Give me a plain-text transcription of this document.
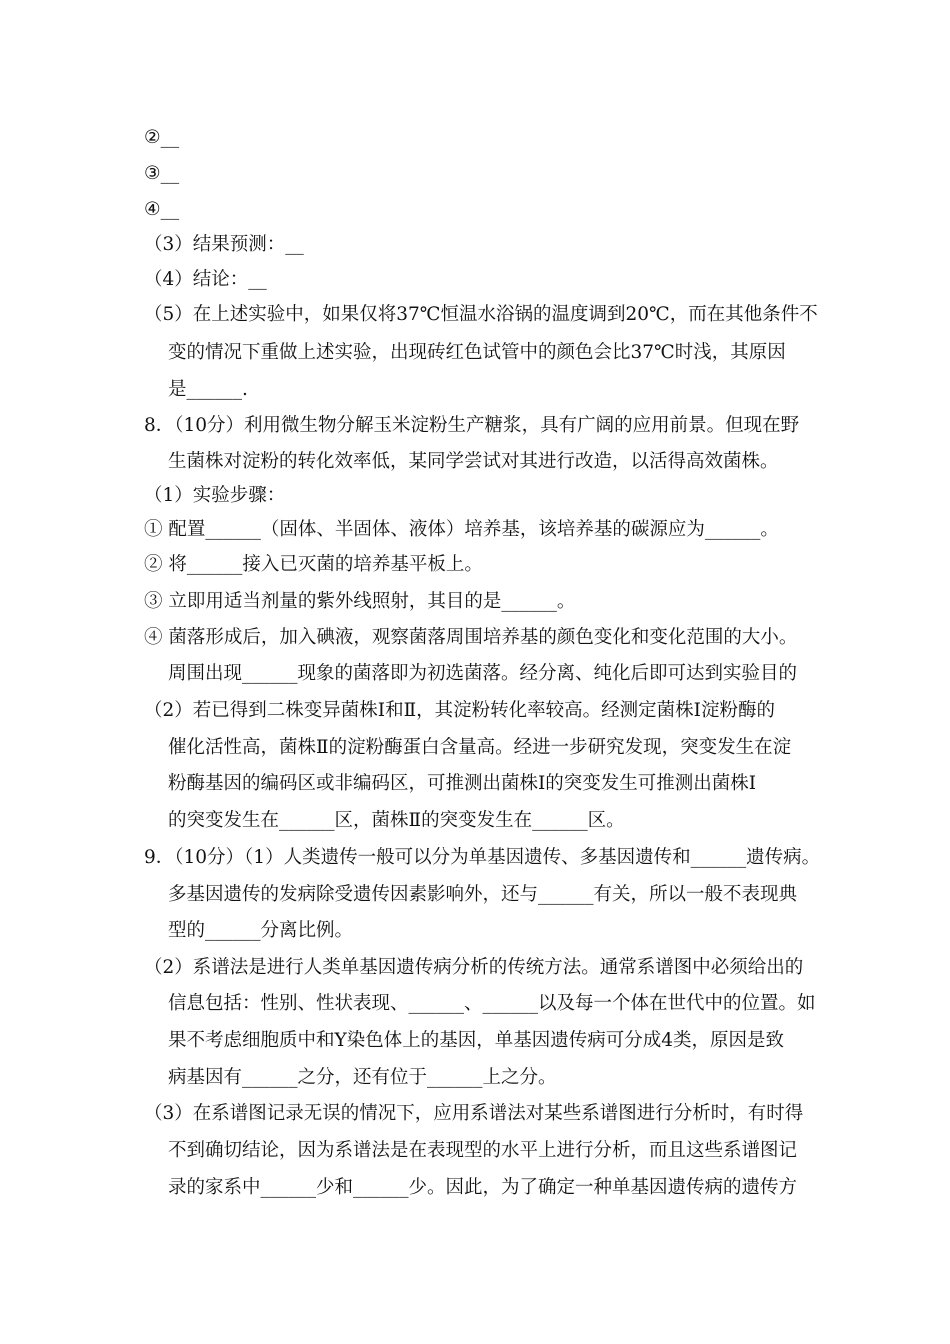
②__
③__
④__
（3）结果预测：__
（4）结论：__
（5）在上述实验中，如果仅将37℃恒温水浴锅的温度调到20℃，而在其他条件不
变的情况下重做上述实验，出现砖红色试管中的颜色会比37℃时浅，其原因
是______.
8．（10分）利用微生物分解玉米淀粉生产糖浆，具有广阔的应用前景。但现在野
生菌株对淀粉的转化效率低，某同学尝试对其进行改造，以活得高效菌株。
（1）实验步骤：
① 配置______（固体、半固体、液体）培养基，该培养基的碳源应为______。
② 将______接入已灭菌的培养基平板上。
③ 立即用适当剂量的紫外线照射，其目的是______。
④ 菌落形成后，加入碘液，观察菌落周围培养基的颜色变化和变化范围的大小。
周围出现______现象的菌落即为初选菌落。经分离、纯化后即可达到实验目的
（2）若已得到二株变异菌株Ⅰ和Ⅱ，其淀粉转化率较高。经测定菌株Ⅰ淀粉酶的
催化活性高，菌株Ⅱ的淀粉酶蛋白含量高。经进一步研究发现，突变发生在淀
粉酶基因的编码区或非编码区，可推测出菌株Ⅰ的突变发生可推测出菌株Ⅰ
的突变发生在______区，菌株Ⅱ的突变发生在______区。
9．（10分）（1）人类遗传一般可以分为单基因遗传、多基因遗传和______遗传病。
多基因遗传的发病除受遗传因素影响外，还与______有关，所以一般不表现典
型的______分离比例。
（2）系谱法是进行人类单基因遗传病分析的传统方法。通常系谱图中必须给出的
信息包括：性别、性状表现、______、______以及每一个体在世代中的位置。如
果不考虑细胞质中和Y染色体上的基因，单基因遗传病可分成4类，原因是致
病基因有______之分，还有位于______上之分。
（3）在系谱图记录无误的情况下，应用系谱法对某些系谱图进行分析时，有时得
不到确切结论，因为系谱法是在表现型的水平上进行分析，而且这些系谱图记
录的家系中______少和______少。因此，为了确定一种单基因遗传病的遗传方
